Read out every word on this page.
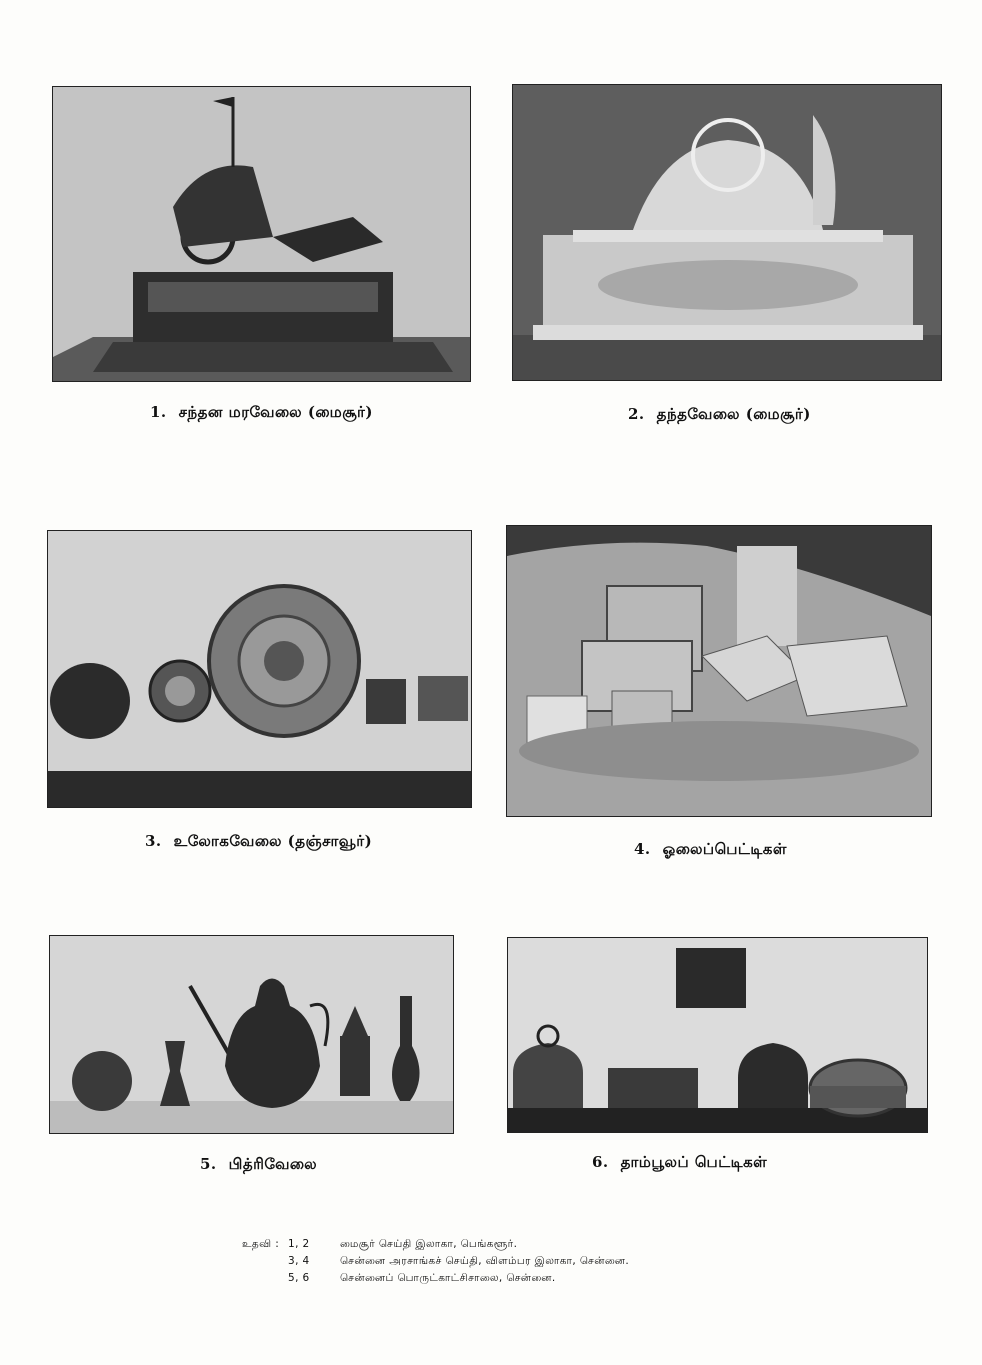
1. சந்தன மரவேலை (மைசூர்)	2. தந்தவேலை (மைசூர்)
3. உலோகவேலை (தஞ்சாவூர்)	4. ஓலைப்பெட்டிகள்
5. பித்ரிவேலை	6. தாம்பூலப் பெட்டிகள்
உதவி : 1, 2	மைசூர் செய்தி இலாகா, பெங்களூர்.
3, 4	சென்னை அரசாங்கச் செய்தி, விளம்பர இலாகா, சென்னை.
5, 6	சென்னைப் பொருட்காட்சிசாலை, சென்னை.
